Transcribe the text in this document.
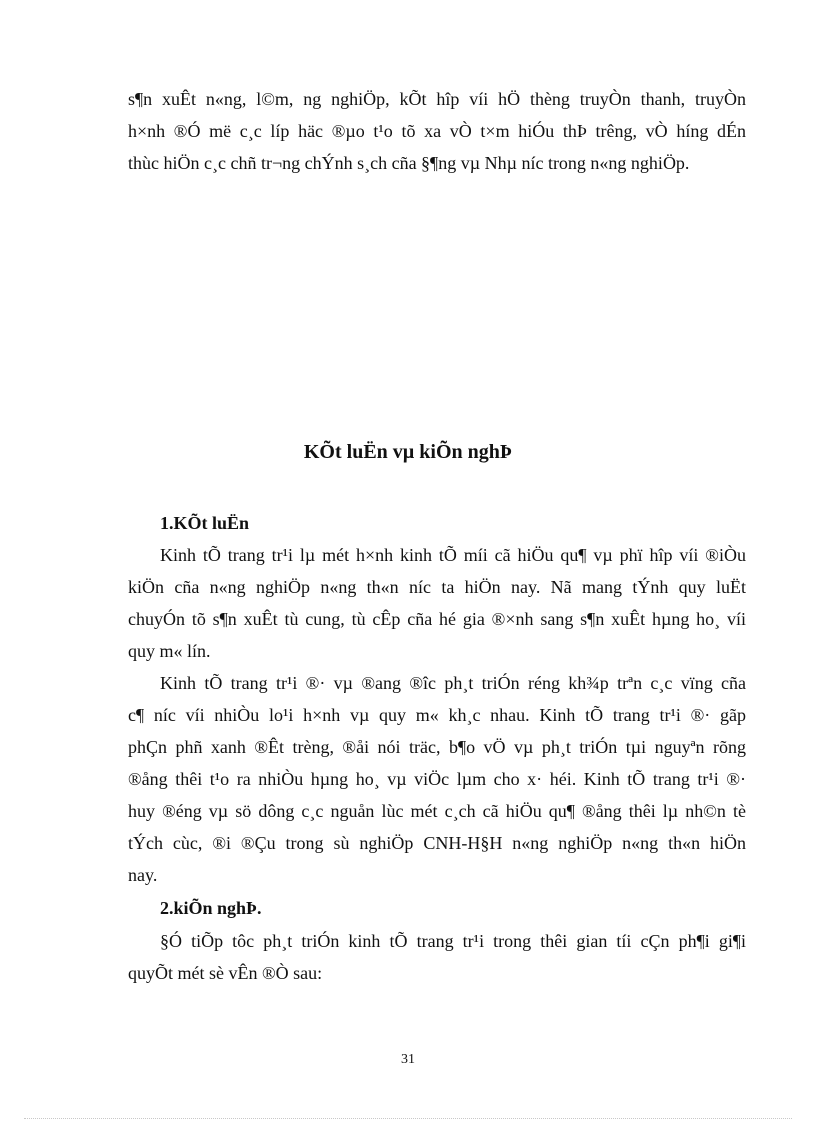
s¶n xuÊt n«ng, l©m, ng nghiÖp, kÕt hîp víi hÖ thèng truyÒn thanh, truyÒn
h×nh ®Ó më c¸c líp häc ®µo t¹o tõ xa vÒ t×m hiÓu thÞ trêng, vÒ híng dÉn
thùc hiÖn c¸c chñ tr¬ng chÝnh s¸ch cña §¶ng vµ Nhµ níc trong n«ng nghiÖp.
KÕt luËn vµ kiÕn nghÞ
1.KÕt luËn
Kinh tÕ trang tr¹i lµ mét h×nh kinh tÕ míi cã hiÖu qu¶ vµ phï hîp víi ®iÒu
kiÖn cña n«ng nghiÖp n«ng th«n níc ta hiÖn nay. Nã mang tÝnh quy luËt
chuyÓn tõ s¶n xuÊt tù cung, tù cÊp cña hé gia ®×nh sang s¶n xuÊt hµng ho¸ víi
quy m« lín.
Kinh tÕ trang tr¹i ®· vµ ®ang ®îc ph¸t triÓn réng kh¾p trªn c¸c vïng cña
c¶ níc víi nhiÒu lo¹i h×nh vµ quy m« kh¸c nhau. Kinh tÕ trang tr¹i ®· gãp
phÇn phñ xanh ®Êt trèng, ®åi nói träc, b¶o vÖ vµ ph¸t triÓn tµi nguyªn rõng
®ång thêi t¹o ra nhiÒu hµng ho¸ vµ viÖc lµm cho x· héi. Kinh tÕ trang tr¹i ®·
huy ®éng vµ sö dông c¸c nguån lùc mét c¸ch cã hiÖu qu¶ ®ång thêi lµ nh©n tè
tÝch cùc, ®i ®Çu trong sù nghiÖp CNH-H§H n«ng nghiÖp n«ng th«n hiÖn
nay.
2.kiÕn nghÞ.
§Ó tiÕp tôc ph¸t triÓn kinh tÕ trang tr¹i trong thêi gian tíi cÇn ph¶i gi¶i
quyÕt mét sè vÊn ®Ò sau:
31
